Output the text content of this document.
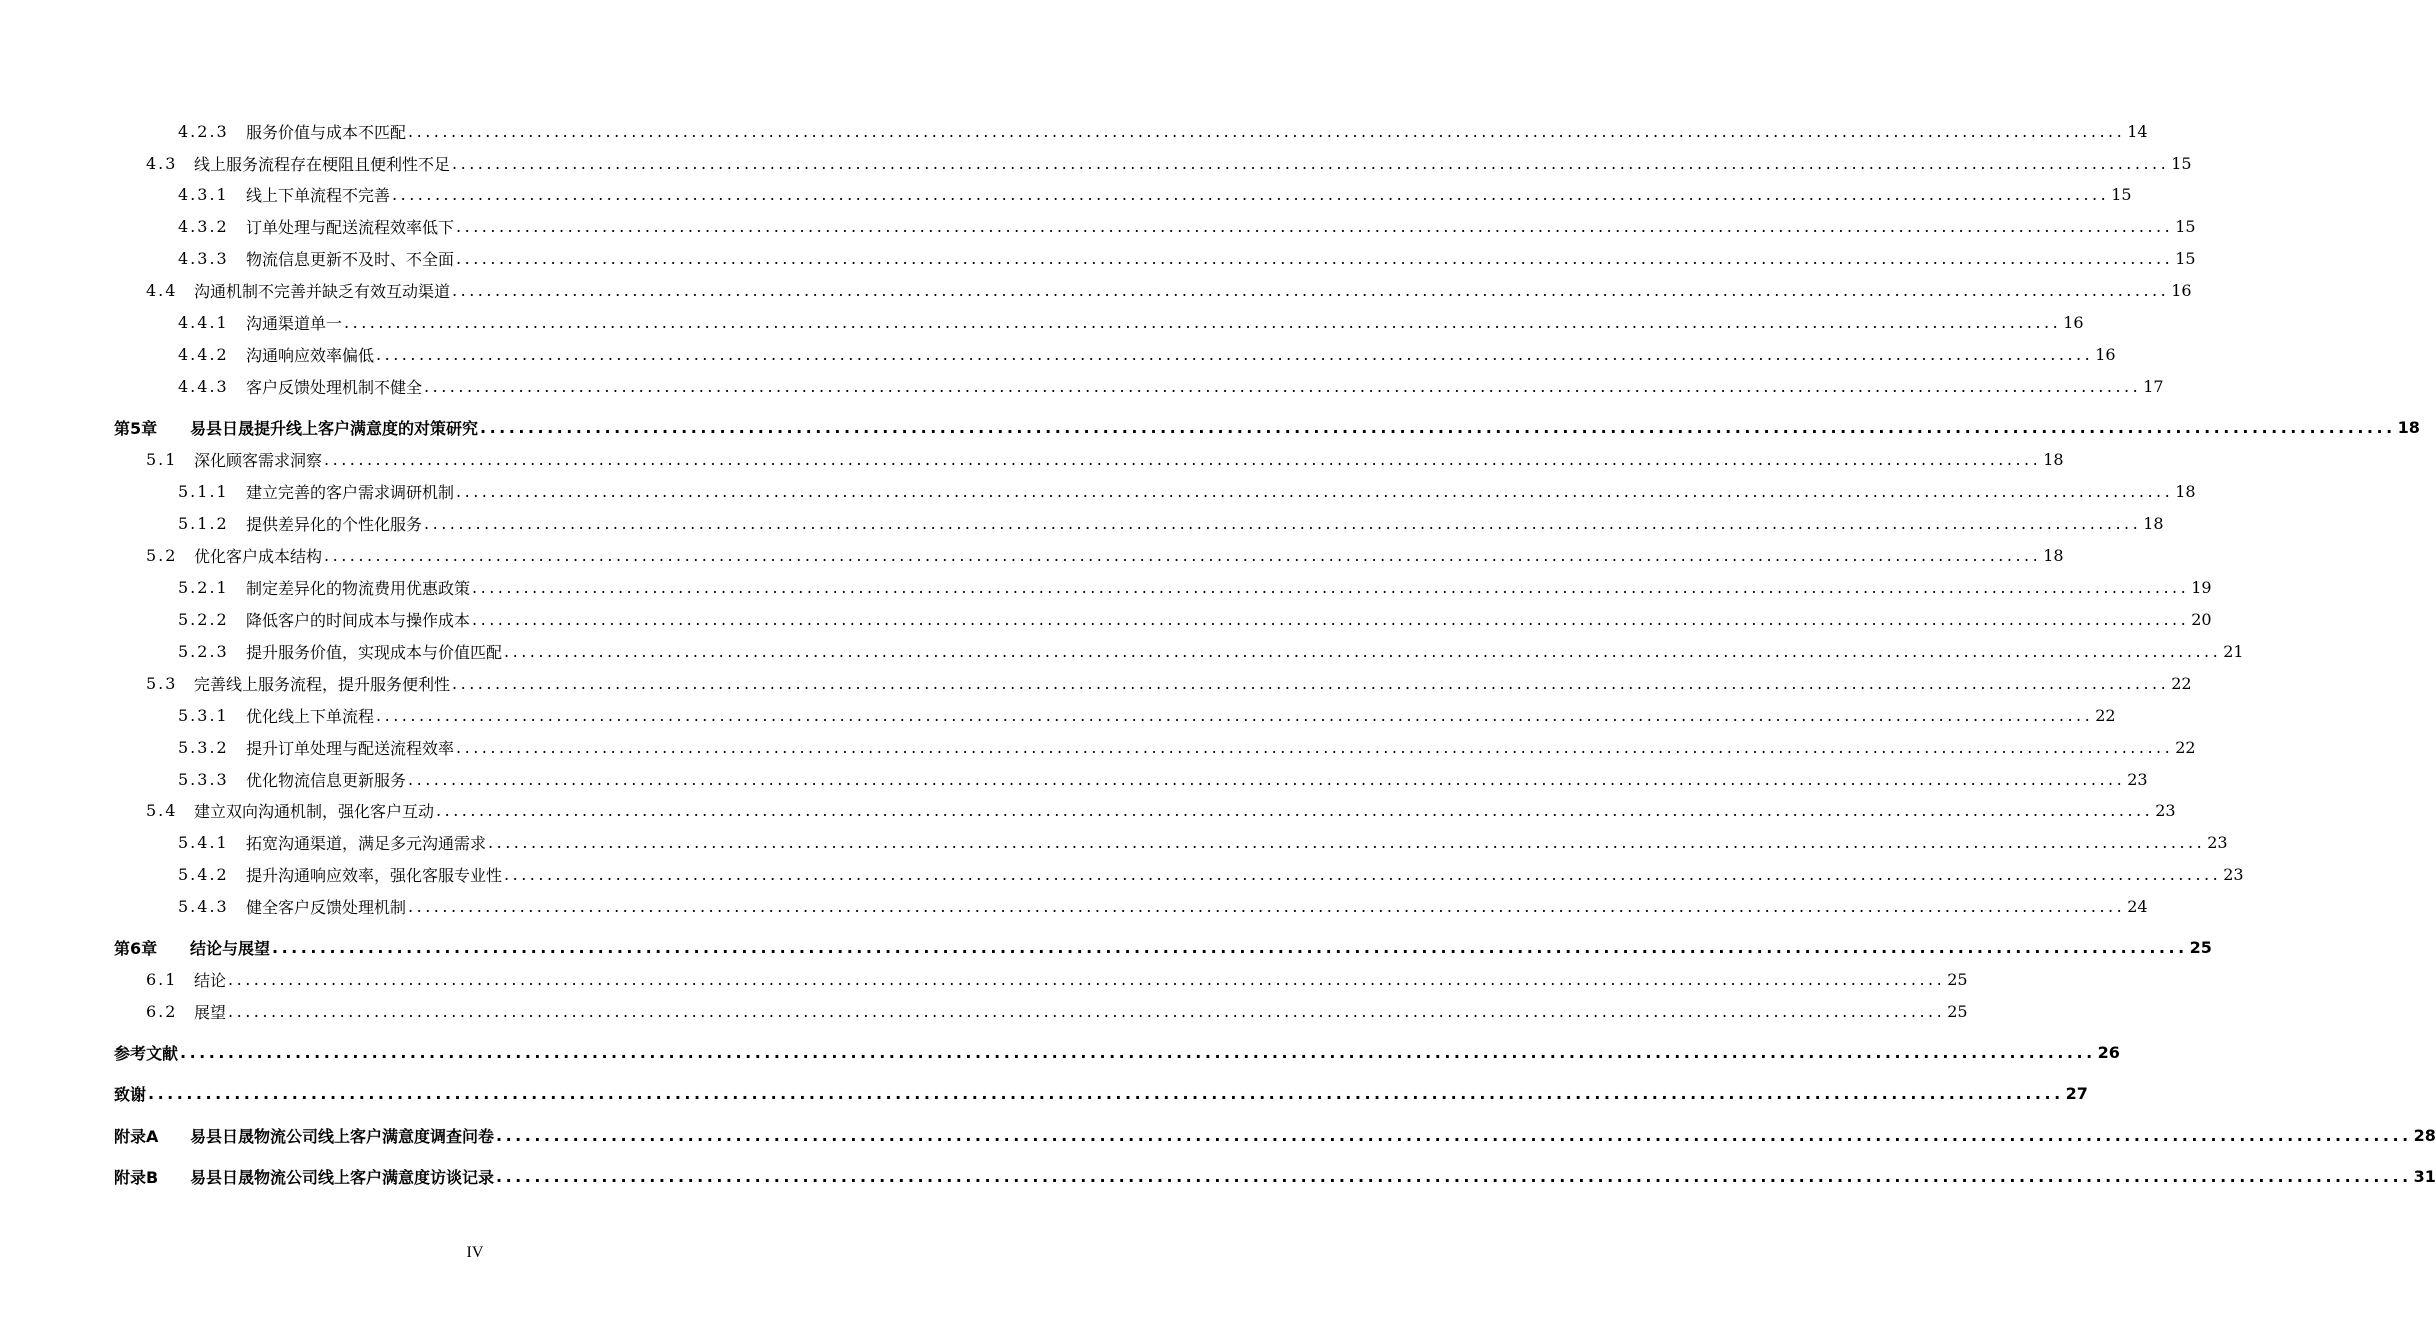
4.2.3	服务价值与成本不匹配 ........................................................................................................................................................................................................ 14
4.3	线上服务流程存在梗阻且便利性不足 ........................................................................................................................................................................................................ 15
4.3.1	线上下单流程不完善 ........................................................................................................................................................................................................ 15
4.3.2	订单处理与配送流程效率低下 ........................................................................................................................................................................................................ 15
4.3.3	物流信息更新不及时、不全面 ........................................................................................................................................................................................................ 15
4.4	沟通机制不完善并缺乏有效互动渠道 ........................................................................................................................................................................................................ 16
4.4.1	沟通渠道单一 ........................................................................................................................................................................................................ 16
4.4.2	沟通响应效率偏低 ........................................................................................................................................................................................................ 16
4.4.3	客户反馈处理机制不健全 ........................................................................................................................................................................................................ 17
第5章	易县日晟提升线上客户满意度的对策研究 ........................................................................................................................................................................................................ 18
5.1	深化顾客需求洞察 ........................................................................................................................................................................................................ 18
5.1.1	建立完善的客户需求调研机制 ........................................................................................................................................................................................................ 18
5.1.2	提供差异化的个性化服务 ........................................................................................................................................................................................................ 18
5.2	优化客户成本结构 ........................................................................................................................................................................................................ 18
5.2.1	制定差异化的物流费用优惠政策 ........................................................................................................................................................................................................ 19
5.2.2	降低客户的时间成本与操作成本 ........................................................................................................................................................................................................ 20
5.2.3	提升服务价值，实现成本与价值匹配 ........................................................................................................................................................................................................ 21
5.3	完善线上服务流程，提升服务便利性 ........................................................................................................................................................................................................ 22
5.3.1	优化线上下单流程 ........................................................................................................................................................................................................ 22
5.3.2	提升订单处理与配送流程效率 ........................................................................................................................................................................................................ 22
5.3.3	优化物流信息更新服务 ........................................................................................................................................................................................................ 23
5.4	建立双向沟通机制，强化客户互动 ........................................................................................................................................................................................................ 23
5.4.1	拓宽沟通渠道，满足多元沟通需求 ........................................................................................................................................................................................................ 23
5.4.2	提升沟通响应效率，强化客服专业性 ........................................................................................................................................................................................................ 23
5.4.3	健全客户反馈处理机制 ........................................................................................................................................................................................................ 24
第6章	结论与展望 ........................................................................................................................................................................................................ 25
6.1	结论 ........................................................................................................................................................................................................ 25
6.2	展望 ........................................................................................................................................................................................................ 25
参考文献 ........................................................................................................................................................................................................ 26
致谢 ........................................................................................................................................................................................................ 27
附录A	易县日晟物流公司线上客户满意度调查问卷 ........................................................................................................................................................................................................ 28
附录B	易县日晟物流公司线上客户满意度访谈记录 ........................................................................................................................................................................................................ 31
IV
